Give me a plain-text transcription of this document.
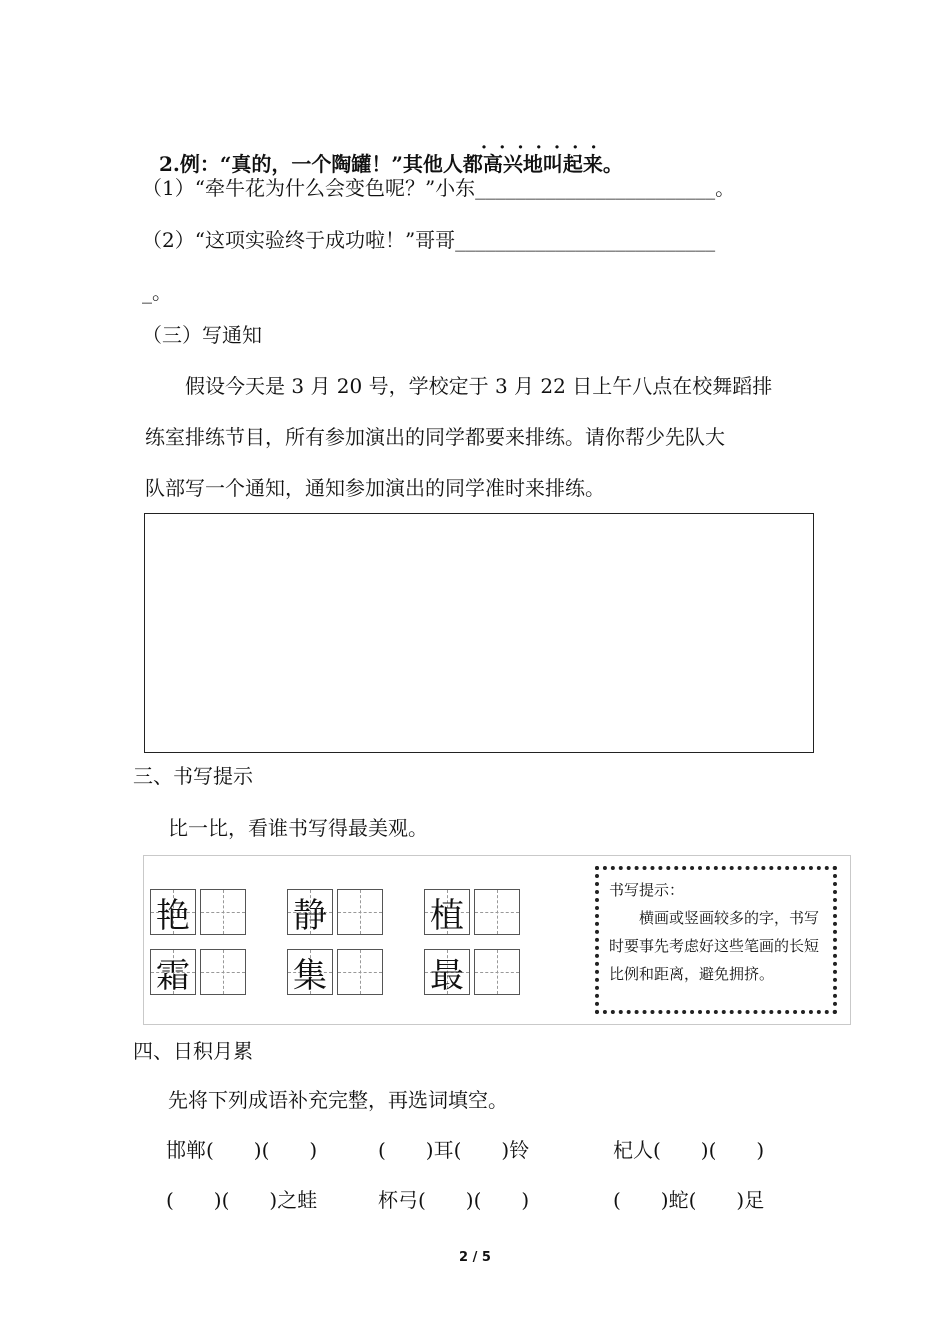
2.例：“真的，一个陶罐！”其他人都·　·　· 高兴地叫起来。

（1）“牵牛花为什么会变色呢？”小东________________________。
（2）“这项实验终于成功啦！”哥哥__________________________
_。
（三）写通知
　　假设今天是 3 月 20 号，学校定于 3 月 22 日上午八点在校舞蹈排
练室排练节目，所有参加演出的同学都要来排练。请你帮少先队大
队部写一个通知，通知参加演出的同学准时来排练。
三、书写提示
比一比，看谁书写得最美观。
艳	静	植
霜	集	最
书写提示：
横画或竖画较多的字，书写时要事先考虑好这些笔画的长短比例和距离，避免拥挤。
四、日积月累
先将下列成语补充完整，再选词填空。
邯郸(　　)(　　)	(　　)耳(　　)铃	杞人(　　)(　　)
(　　)(　　)之蛙	杯弓(　　)(　　)	(　　)蛇(　　)足
2 / 5
